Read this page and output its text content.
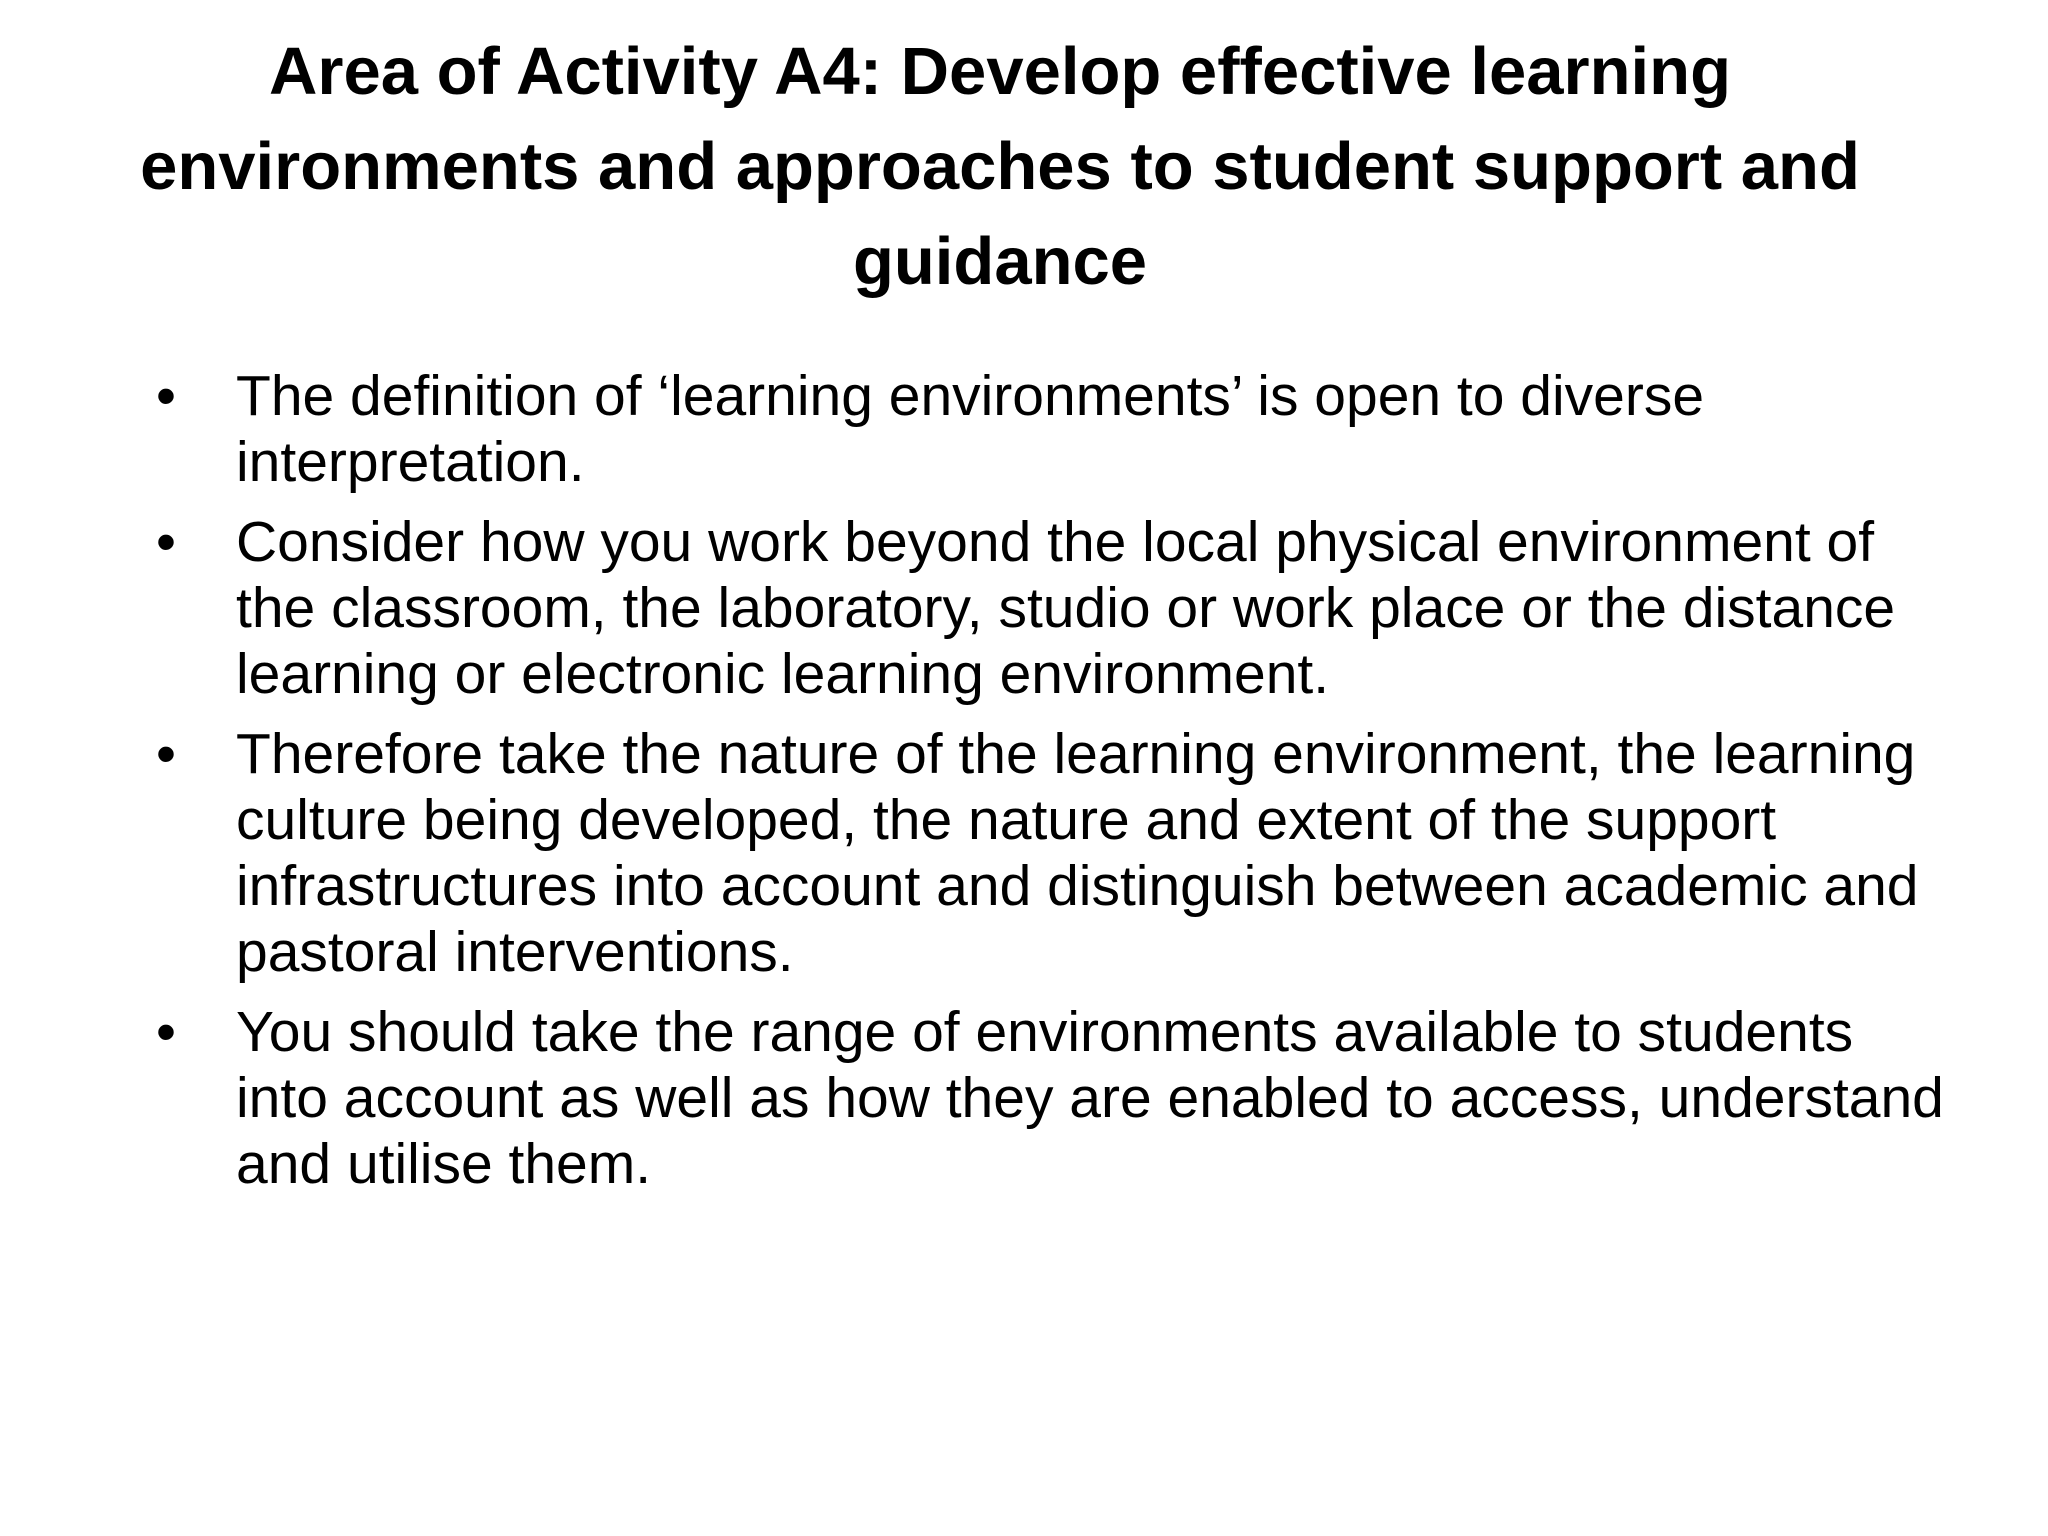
Area of Activity A4: Develop effective learning environments and approaches to student support and guidance
• The definition of ‘learning environments’ is open to diverse interpretation.
• Consider how you work beyond the local physical environment of the classroom, the laboratory, studio or work place or the distance learning or electronic learning environment.
• Therefore take the nature of the learning environment, the learning culture being developed, the nature and extent of the support infrastructures into account and distinguish between academic and pastoral interventions.
• You should take the range of environments available to students into account as well as how they are enabled to access, understand and utilise them.
